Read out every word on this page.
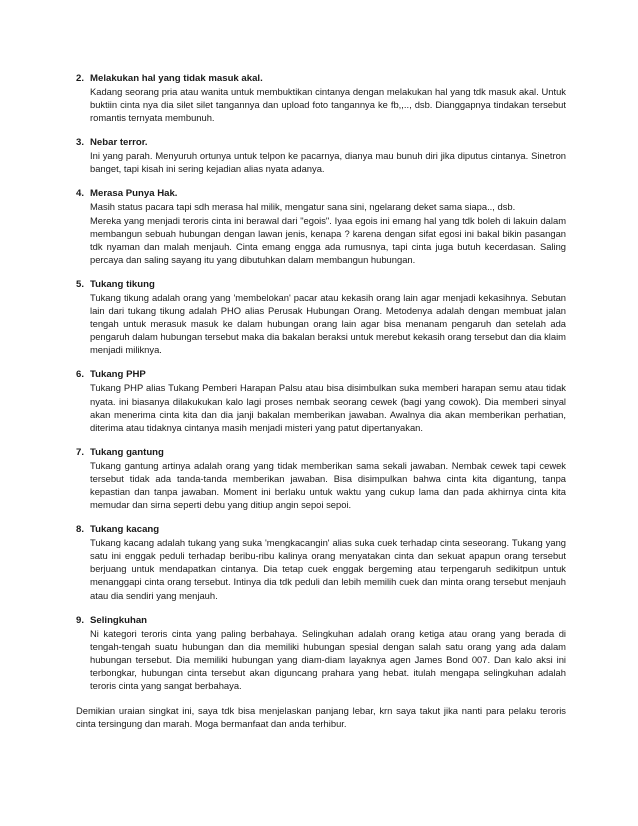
2. Melakukan hal yang tidak masuk akal.

Kadang seorang pria atau wanita untuk membuktikan cintanya dengan melakukan hal yang tdk masuk akal. Untuk buktiin cinta nya dia silet silet tangannya dan upload foto tangannya ke fb,,.., dsb. Dianggapnya tindakan tersebut romantis ternyata membunuh.

3. Nebar terror.

Ini yang parah. Menyuruh ortunya untuk telpon ke pacarnya, dianya mau bunuh diri jika diputus cintanya. Sinetron banget, tapi kisah ini sering kejadian alias nyata adanya.

4. Merasa Punya Hak.

Masih status pacara tapi sdh merasa hal milik, mengatur sana sini, ngelarang deket sama siapa.., dsb.

Mereka yang menjadi teroris cinta ini berawal dari "egois". Iyaa egois ini emang hal yang tdk boleh di lakuin dalam membangun sebuah hubungan dengan lawan jenis, kenapa ? karena dengan sifat egosi ini bakal bikin pasangan tdk nyaman dan malah menjauh. Cinta emang engga ada rumusnya, tapi cinta juga butuh kecerdasan. Saling percaya dan saling sayang itu yang dibutuhkan dalam membangun hubungan.

5. Tukang tikung

Tukang tikung adalah orang yang 'membelokan' pacar atau kekasih orang lain agar menjadi kekasihnya. Sebutan lain dari tukang tikung adalah PHO alias Perusak Hubungan Orang. Metodenya adalah dengan membuat jalan tengah untuk merasuk masuk ke dalam hubungan orang lain agar bisa menanam pengaruh dan setelah ada pengaruh dalam hubungan tersebut maka dia bakalan beraksi untuk merebut kekasih orang tersebut dan dia klaim menjadi miliknya.

6. Tukang PHP

Tukang PHP alias Tukang Pemberi Harapan Palsu atau bisa disimbulkan suka memberi harapan semu atau tidak nyata. ini biasanya dilakukukan kalo lagi proses nembak seorang cewek (bagi yang cowok). Dia memberi sinyal akan menerima cinta kita dan dia janji bakalan memberikan jawaban. Awalnya dia akan memberikan perhatian, diterima atau tidaknya cintanya masih menjadi misteri yang patut dipertanyakan.

7. Tukang gantung

Tukang gantung artinya adalah orang yang tidak memberikan sama sekali jawaban. Nembak cewek tapi cewek tersebut tidak ada tanda-tanda memberikan jawaban. Bisa disimpulkan bahwa cinta kita digantung, tanpa kepastian dan tanpa jawaban. Moment ini berlaku untuk waktu yang cukup lama dan pada akhirnya cinta kita memudar dan sirna seperti debu yang ditiup angin sepoi sepoi.

8. Tukang kacang

Tukang kacang adalah tukang yang suka 'mengkacangin' alias suka cuek terhadap cinta seseorang. Tukang yang satu ini enggak peduli terhadap beribu-ribu kalinya orang menyatakan cinta dan sekuat apapun orang tersebut berjuang untuk mendapatkan cintanya. Dia tetap cuek enggak bergeming atau terpengaruh sedikitpun untuk menanggapi cinta orang tersebut. Intinya dia tdk peduli dan lebih memilih cuek dan minta orang tersebut menjauh atau dia sendiri yang menjauh.

9. Selingkuhan

Ni kategori teroris cinta yang paling berbahaya. Selingkuhan adalah orang ketiga atau orang yang berada di tengah-tengah suatu hubungan dan dia memiliki hubungan spesial dengan salah satu orang yang ada dalam hubungan tersebut. Dia memiliki hubungan yang diam-diam layaknya agen James Bond 007. Dan kalo aksi ini terbongkar, hubungan cinta tersebut akan diguncang prahara yang hebat. itulah mengapa selingkuhan adalah teroris cinta yang sangat berbahaya.

Demikian uraian singkat ini, saya tdk bisa menjelaskan panjang lebar, krn saya takut jika nanti para pelaku teroris cinta tersingung dan marah. Moga bermanfaat dan anda terhibur.
